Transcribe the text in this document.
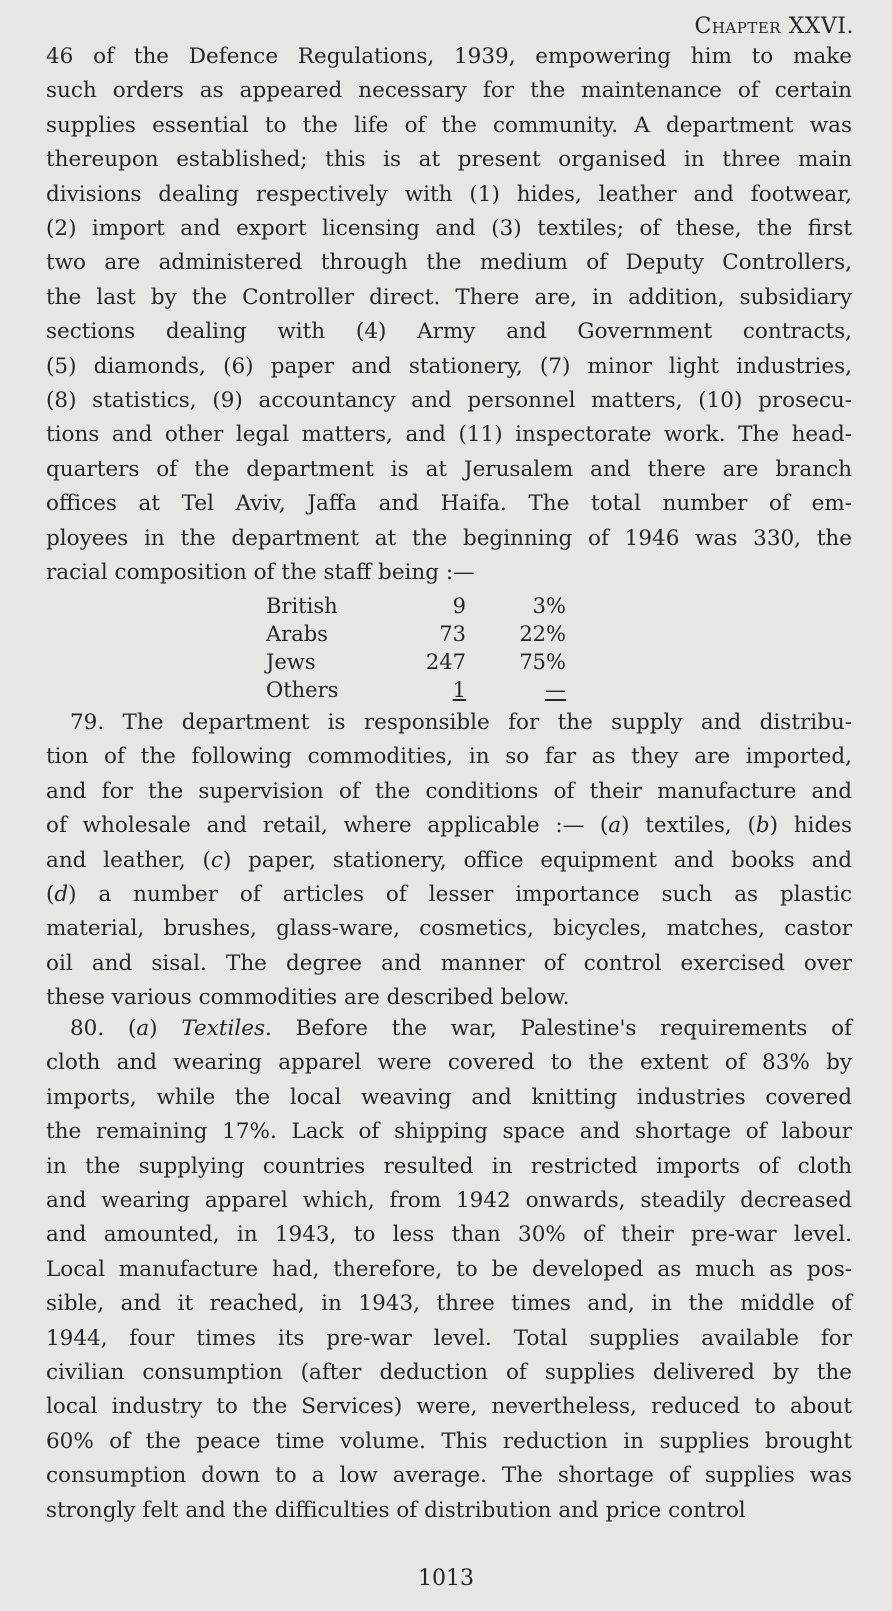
Chapter XXVI.
46 of the Defence Regulations, 1939, empowering him to make
such orders as appeared necessary for the maintenance of certain
supplies essential to the life of the community. A department was
thereupon established; this is at present organised in three main
divisions dealing respectively with (1) hides, leather and footwear,
(2) import and export licensing and (3) textiles; of these, the first
two are administered through the medium of Deputy Controllers,
the last by the Controller direct. There are, in addition, subsidiary
sections dealing with (4) Army and Government contracts,
(5) diamonds, (6) paper and stationery, (7) minor light industries,
(8) statistics, (9) accountancy and personnel matters, (10) prosecu-
tions and other legal matters, and (11) inspectorate work. The head-
quarters of the department is at Jerusalem and there are branch
offices at Tel Aviv, Jaffa and Haifa. The total number of em-
ployees in the department at the beginning of 1946 was 330, the
racial composition of the staff being :—
British	9	3%
Arabs	73	22%
Jews	247	75%
Others	1	—
79. The department is responsible for the supply and distribu-
tion of the following commodities, in so far as they are imported,
and for the supervision of the conditions of their manufacture and
of wholesale and retail, where applicable :— (a) textiles, (b) hides
and leather, (c) paper, stationery, office equipment and books and
(d) a number of articles of lesser importance such as plastic
material, brushes, glass-ware, cosmetics, bicycles, matches, castor
oil and sisal. The degree and manner of control exercised over
these various commodities are described below.
80. (a) Textiles. Before the war, Palestine's requirements of
cloth and wearing apparel were covered to the extent of 83% by
imports, while the local weaving and knitting industries covered
the remaining 17%. Lack of shipping space and shortage of labour
in the supplying countries resulted in restricted imports of cloth
and wearing apparel which, from 1942 onwards, steadily decreased
and amounted, in 1943, to less than 30% of their pre-war level.
Local manufacture had, therefore, to be developed as much as pos-
sible, and it reached, in 1943, three times and, in the middle of
1944, four times its pre-war level. Total supplies available for
civilian consumption (after deduction of supplies delivered by the
local industry to the Services) were, nevertheless, reduced to about
60% of the peace time volume. This reduction in supplies brought
consumption down to a low average. The shortage of supplies was
strongly felt and the difficulties of distribution and price control
1013
